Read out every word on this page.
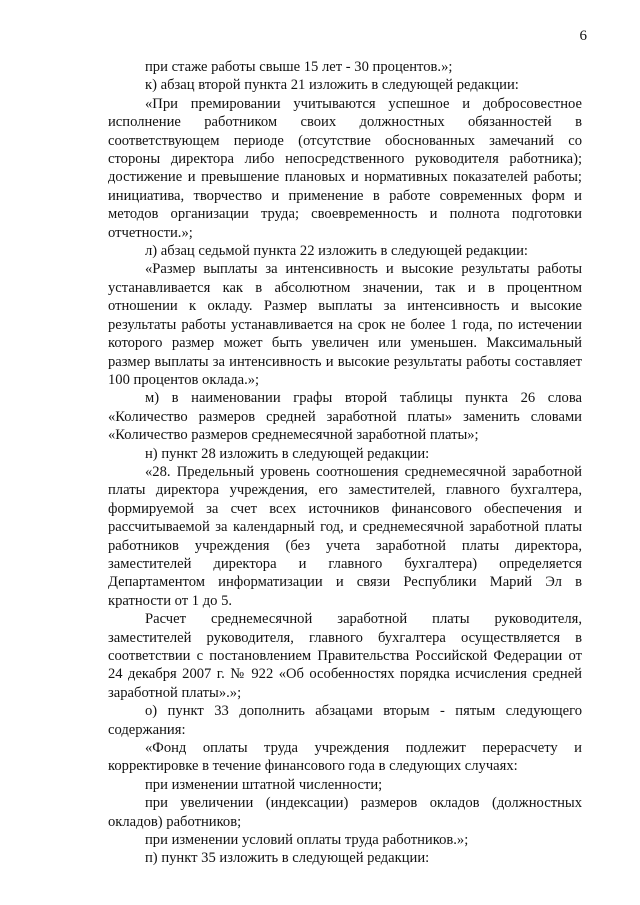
6

при стаже работы свыше 15 лет - 30 процентов.»;

к) абзац второй пункта 21 изложить в следующей редакции:

«При премировании учитываются успешное и добросовестное исполнение работником своих должностных обязанностей в соответствующем периоде (отсутствие обоснованных замечаний со стороны директора либо непосредственного руководителя работника); достижение и превышение плановых и нормативных показателей работы; инициатива, творчество и применение в работе современных форм и методов организации труда; своевременность и полнота подготовки отчетности.»;

л) абзац седьмой пункта 22 изложить в следующей редакции:

«Размер выплаты за интенсивность и высокие результаты работы устанавливается как в абсолютном значении, так и в процентном отношении к окладу. Размер выплаты за интенсивность и высокие результаты работы устанавливается на срок не более 1 года, по истечении которого размер может быть увеличен или уменьшен. Максимальный размер выплаты за интенсивность и высокие результаты работы составляет 100 процентов оклада.»;

м) в наименовании графы второй таблицы пункта 26 слова «Количество размеров средней заработной платы» заменить словами «Количество размеров среднемесячной заработной платы»;

н) пункт 28 изложить в следующей редакции:

«28. Предельный уровень соотношения среднемесячной заработной платы директора учреждения, его заместителей, главного бухгалтера, формируемой за счет всех источников финансового обеспечения и рассчитываемой за календарный год, и среднемесячной заработной платы работников учреждения (без учета заработной платы директора, заместителей директора и главного бухгалтера) определяется Департаментом информатизации и связи Республики Марий Эл в кратности от 1 до 5.

Расчет среднемесячной заработной платы руководителя, заместителей руководителя, главного бухгалтера осуществляется в соответствии с постановлением Правительства Российской Федерации от 24 декабря 2007 г. № 922 «Об особенностях порядка исчисления средней заработной платы».»;

о) пункт 33 дополнить абзацами вторым - пятым следующего содержания:

«Фонд оплаты труда учреждения подлежит перерасчету и корректировке в течение финансового года в следующих случаях:

при изменении штатной численности;

при увеличении (индексации) размеров окладов (должностных окладов) работников;

при изменении условий оплаты труда работников.»;

п) пункт 35 изложить в следующей редакции:
